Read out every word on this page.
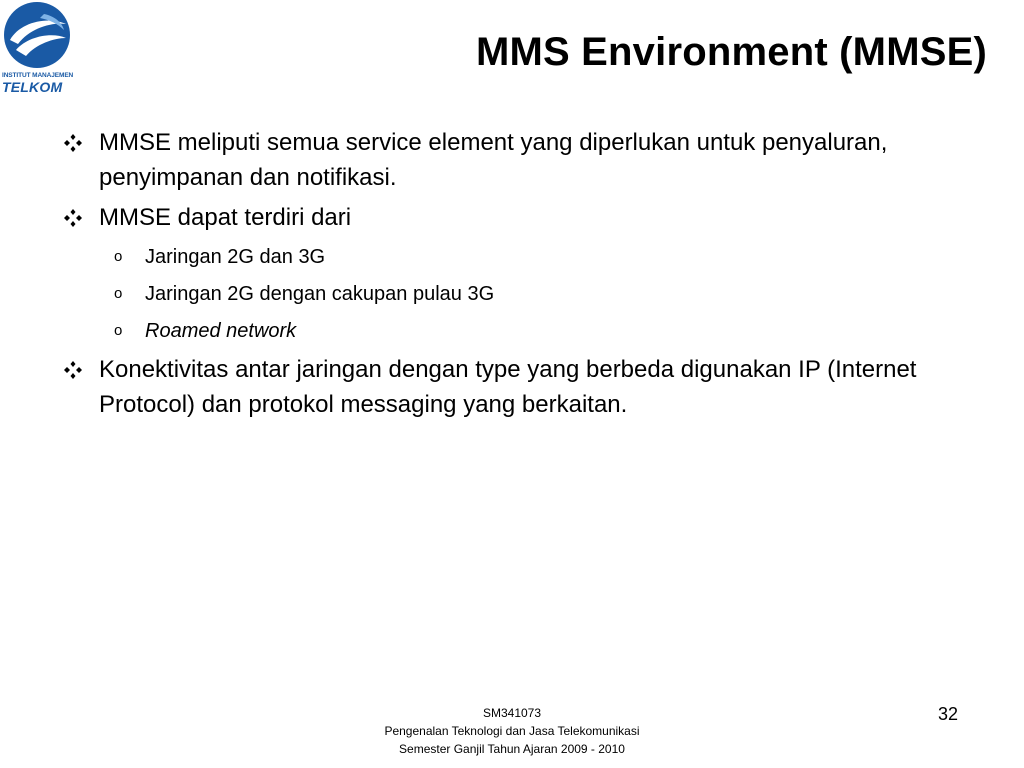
INSTITUT MANAJEMEN
TELKOM
MMS Environment (MMSE)
MMSE meliputi semua service element yang diperlukan untuk penyaluran, penyimpanan dan notifikasi.
MMSE dapat terdiri dari
o Jaringan 2G dan 3G
o Jaringan 2G dengan cakupan pulau 3G
o Roamed network
Konektivitas antar jaringan dengan type yang berbeda digunakan IP (Internet Protocol) dan protokol messaging yang berkaitan.
SM341073
Pengenalan Teknologi dan Jasa Telekomunikasi
Semester Ganjil Tahun Ajaran 2009 - 2010
32
